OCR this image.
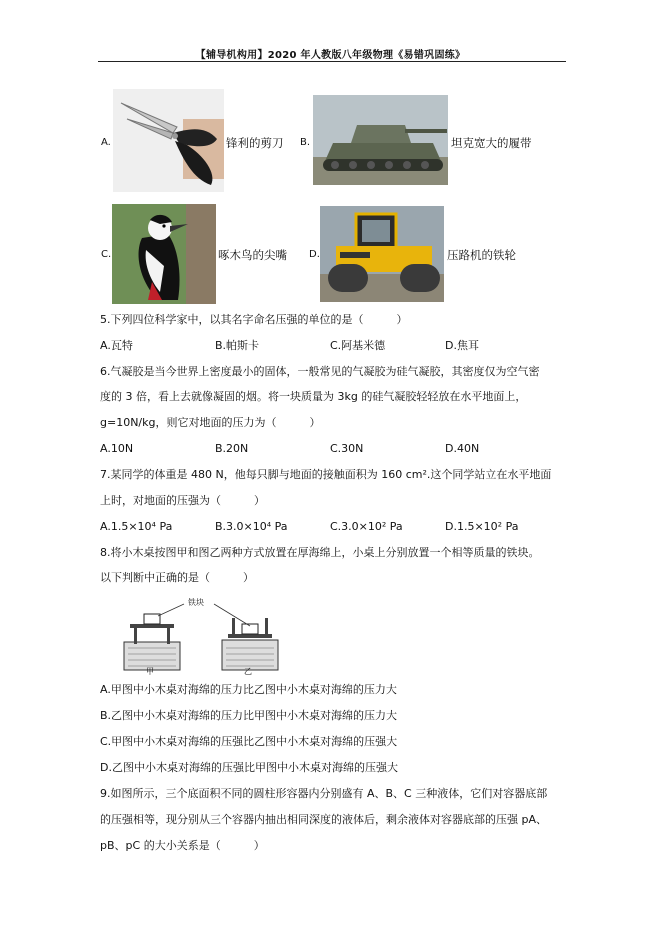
【辅导机构用】2020 年人教版八年级物理《易错巩固练》
A.	锋利的剪刀 B.	坦克宽大的履带
C.	啄木鸟的尖嘴 D.	压路机的铁轮
5.下列四位科学家中，以其名字命名压强的单位的是（　　　）
A.瓦特	B.帕斯卡	C.阿基米德	D.焦耳
6.气凝胶是当今世界上密度最小的固体，一般常见的气凝胶为硅气凝胶，其密度仅为空气密
度的 3 倍，看上去就像凝固的烟。将一块质量为 3kg 的硅气凝胶轻轻放在水平地面上，
g=10N/kg，则它对地面的压力为（　　　）
A.10N	B.20N	C.30N	D.40N
7.某同学的体重是 480 N，他每只脚与地面的接触面积为 160 cm².这个同学站立在水平地面
上时，对地面的压强为（　　　）
A.1.5×10⁴ Pa	B.3.0×10⁴ Pa	C.3.0×10² Pa	D.1.5×10² Pa
8.将小木桌按图甲和图乙两种方式放置在厚海绵上，小桌上分别放置一个相等质量的铁块。
以下判断中正确的是（　　　）
铁块
甲	乙
A.甲图中小木桌对海绵的压力比乙图中小木桌对海绵的压力大
B.乙图中小木桌对海绵的压力比甲图中小木桌对海绵的压力大
C.甲图中小木桌对海绵的压强比乙图中小木桌对海绵的压强大
D.乙图中小木桌对海绵的压强比甲图中小木桌对海绵的压强大
9.如图所示，三个底面积不同的圆柱形容器内分别盛有 A、B、C 三种液体，它们对容器底部
的压强相等，现分别从三个容器内抽出相同深度的液体后，剩余液体对容器底部的压强 pA、
pB、pC 的大小关系是（　　　）
